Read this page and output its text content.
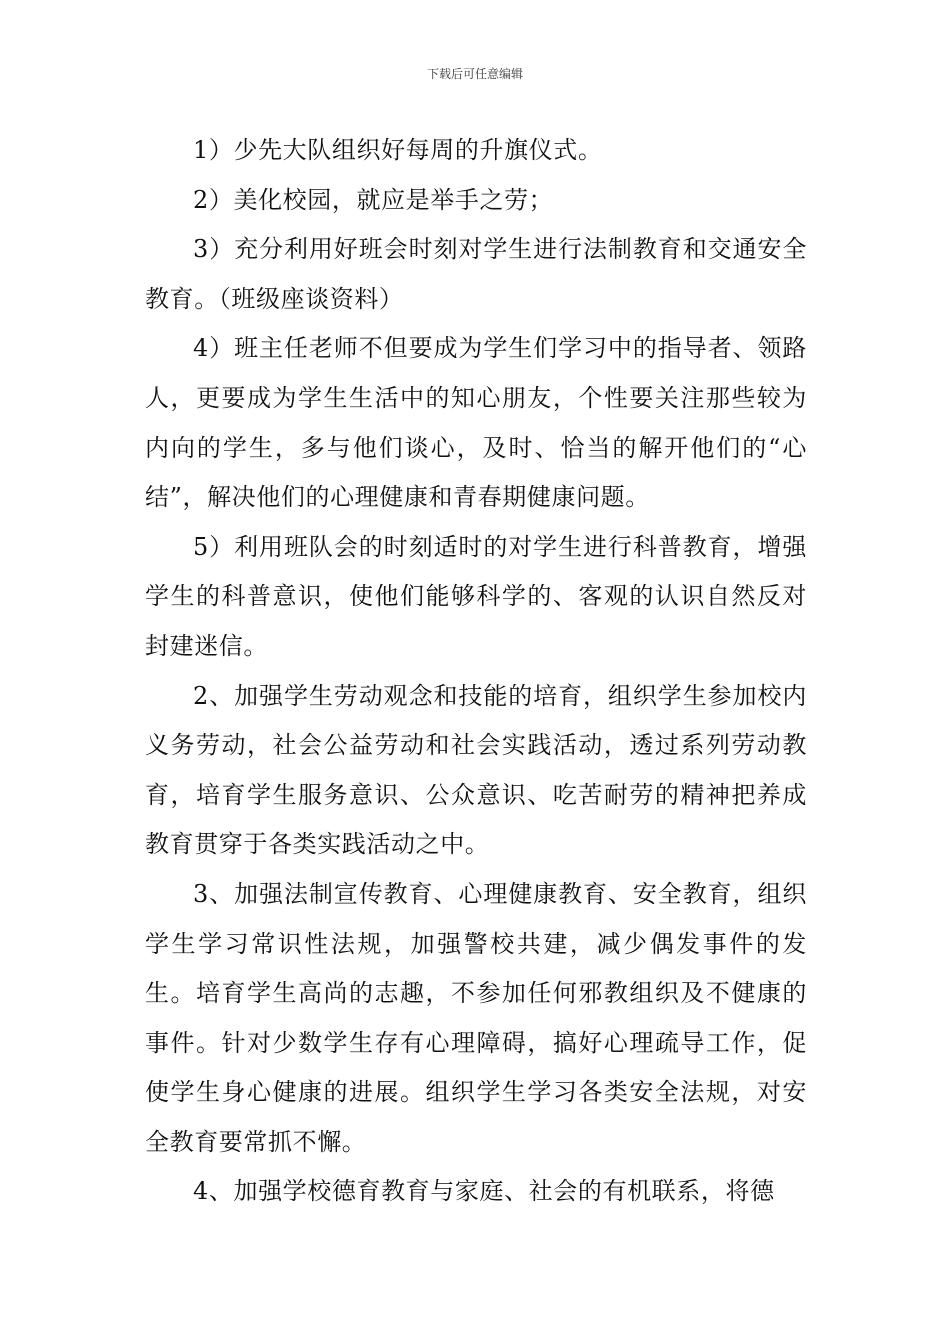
下载后可任意编辑

1）少先大队组织好每周的升旗仪式。

2）美化校园，就应是举手之劳；

3）充分利用好班会时刻对学生进行法制教育和交通安全教育。（班级座谈资料）

4）班主任老师不但要成为学生们学习中的指导者、领路人，更要成为学生生活中的知心朋友，个性要关注那些较为内向的学生，多与他们谈心，及时、恰当的解开他们的“心结”，解决他们的心理健康和青春期健康问题。

5）利用班队会的时刻适时的对学生进行科普教育，增强学生的科普意识，使他们能够科学的、客观的认识自然反对封建迷信。

2、加强学生劳动观念和技能的培育，组织学生参加校内义务劳动，社会公益劳动和社会实践活动，透过系列劳动教育，培育学生服务意识、公众意识、吃苦耐劳的精神把养成教育贯穿于各类实践活动之中。

3、加强法制宣传教育、心理健康教育、安全教育，组织学生学习常识性法规，加强警校共建，减少偶发事件的发生。培育学生高尚的志趣，不参加任何邪教组织及不健康的事件。针对少数学生存有心理障碍，搞好心理疏导工作，促使学生身心健康的进展。组织学生学习各类安全法规，对安全教育要常抓不懈。

4、加强学校德育教育与家庭、社会的有机联系，将德
